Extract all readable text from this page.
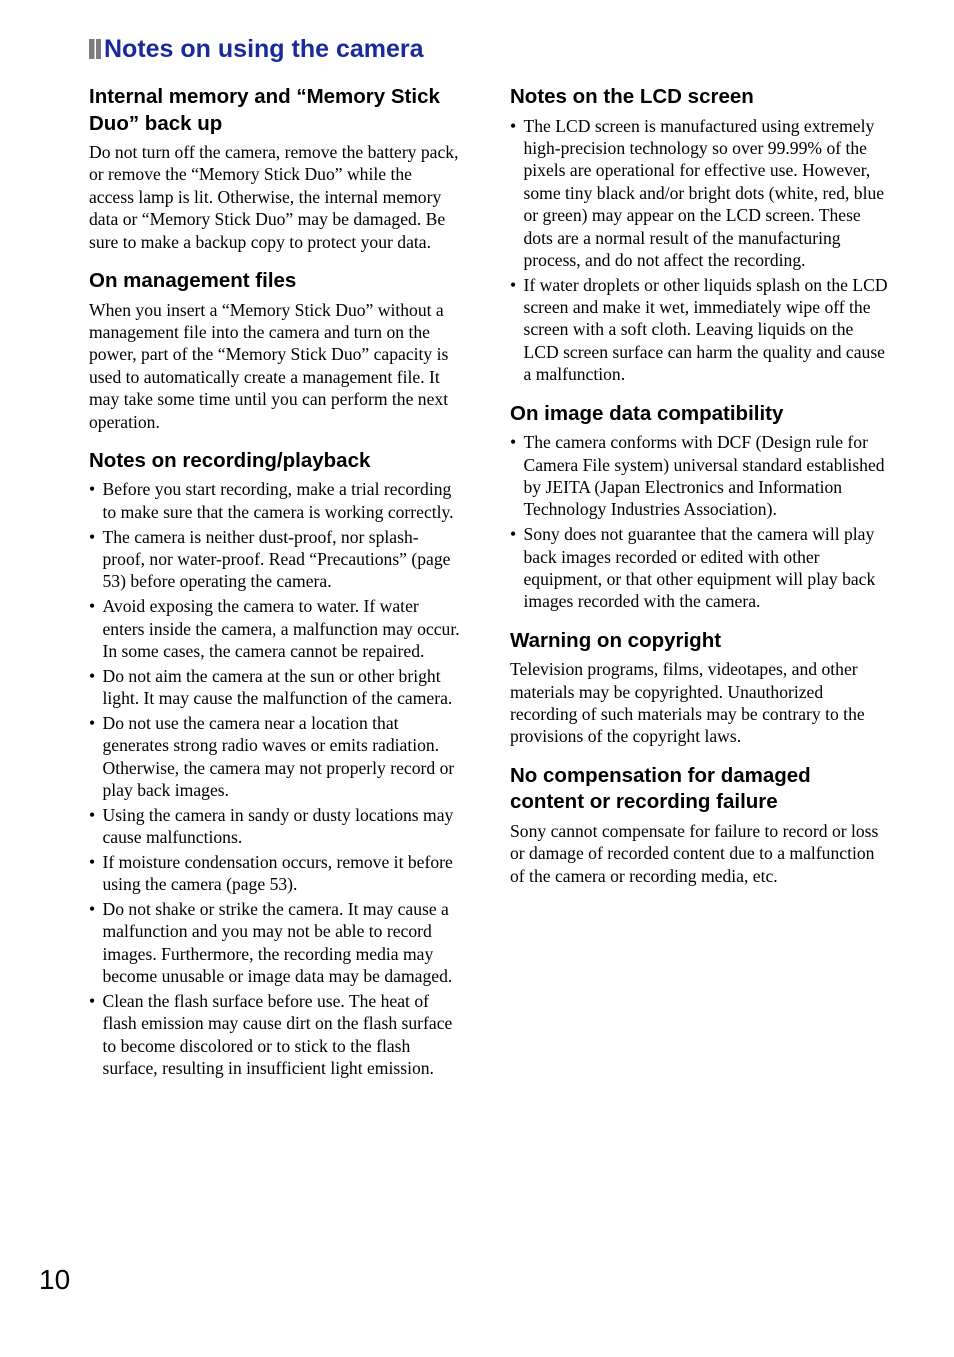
Notes on using the camera
Internal memory and “Memory Stick Duo” back up

Do not turn off the camera, remove the battery pack, or remove the “Memory Stick Duo” while the access lamp is lit. Otherwise, the internal memory data or “Memory Stick Duo” may be damaged. Be sure to make a backup copy to protect your data.

On management files

When you insert a “Memory Stick Duo” without a management file into the camera and turn on the power, part of the “Memory Stick Duo” capacity is used to automatically create a management file. It may take some time until you can perform the next operation.

Notes on recording/playback
• Before you start recording, make a trial recording to make sure that the camera is working correctly.
• The camera is neither dust-proof, nor splash-proof, nor water-proof. Read “Precautions” (page 53) before operating the camera.
• Avoid exposing the camera to water. If water enters inside the camera, a malfunction may occur. In some cases, the camera cannot be repaired.
• Do not aim the camera at the sun or other bright light. It may cause the malfunction of the camera.
• Do not use the camera near a location that generates strong radio waves or emits radiation. Otherwise, the camera may not properly record or play back images.
• Using the camera in sandy or dusty locations may cause malfunctions.
• If moisture condensation occurs, remove it before using the camera (page 53).
• Do not shake or strike the camera. It may cause a malfunction and you may not be able to record images. Furthermore, the recording media may become unusable or image data may be damaged.
• Clean the flash surface before use. The heat of flash emission may cause dirt on the flash surface to become discolored or to stick to the flash surface, resulting in insufficient light emission.
Notes on the LCD screen
• The LCD screen is manufactured using extremely high-precision technology so over 99.99% of the pixels are operational for effective use. However, some tiny black and/or bright dots (white, red, blue or green) may appear on the LCD screen. These dots are a normal result of the manufacturing process, and do not affect the recording.
• If water droplets or other liquids splash on the LCD screen and make it wet, immediately wipe off the screen with a soft cloth. Leaving liquids on the LCD screen surface can harm the quality and cause a malfunction.
On image data compatibility
• The camera conforms with DCF (Design rule for Camera File system) universal standard established by JEITA (Japan Electronics and Information Technology Industries Association).
• Sony does not guarantee that the camera will play back images recorded or edited with other equipment, or that other equipment will play back images recorded with the camera.
Warning on copyright

Television programs, films, videotapes, and other materials may be copyrighted. Unauthorized recording of such materials may be contrary to the provisions of the copyright laws.

No compensation for damaged content or recording failure

Sony cannot compensate for failure to record or loss or damage of recorded content due to a malfunction of the camera or recording media, etc.

10
